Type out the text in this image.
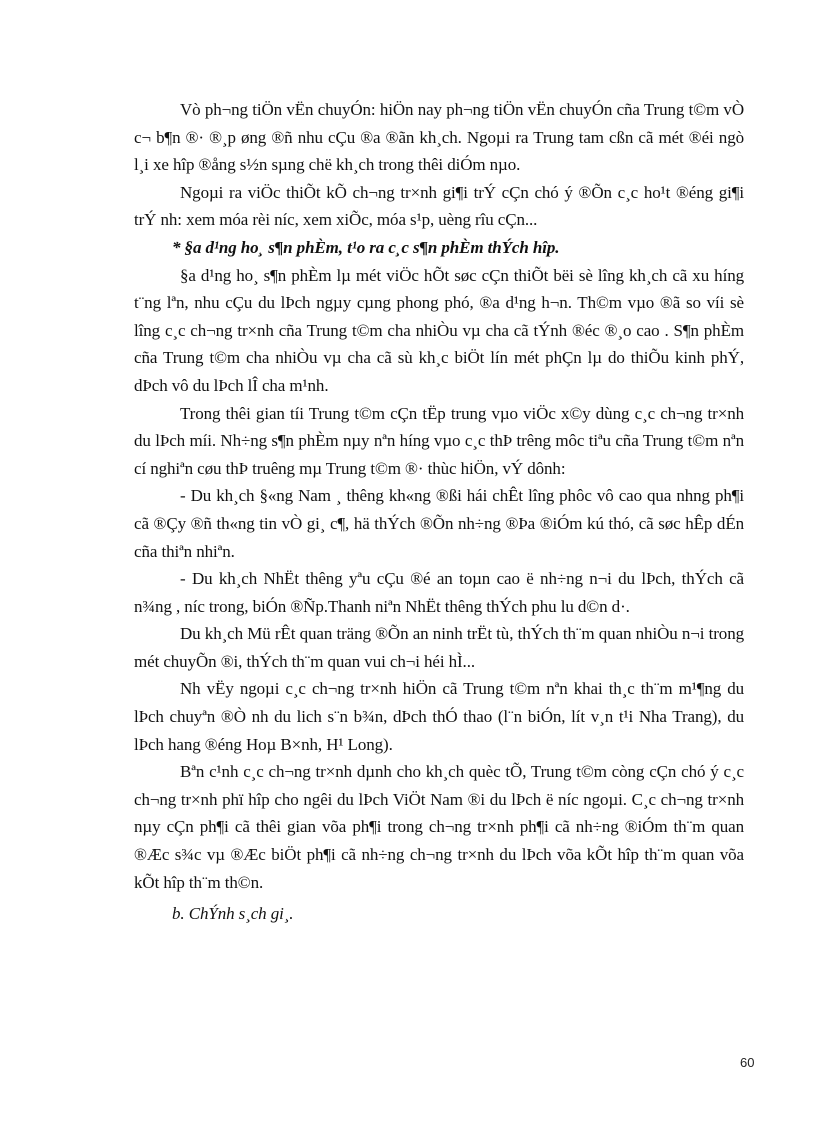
Vò ph¬ng tiÖn vËn chuyÓn: hiÖn nay ph¬ng tiÖn vËn chuyÓn cña Trung t©m vÒ c¬ b¶n ®· ®¸p øng ®ñ nhu cÇu ®a ®ãn kh¸ch. Ngoµi ra Trung tam cßn cã mét ®éi ngò l¸i xe hîp ®ång s½n sµng chë kh¸ch trong thêi diÓm nµo.

Ngoµi ra viÖc thiÕt kÕ ch¬ng tr×nh gi¶i trÝ cÇn chó ý ®Õn c¸c ho¹t ®éng gi¶i trÝ nh: xem móa rèi níc, xem xiÕc, móa s¹p, uèng rîu cÇn...

* §a d¹ng ho¸ s¶n phÈm, t¹o ra c¸c s¶n phÈm thÝch hîp.

§a d¹ng ho¸ s¶n phÈm lµ mét viÖc hÕt søc cÇn thiÕt bëi sè lîng kh¸ch cã xu híng t¨ng lªn, nhu cÇu du lÞch ngµy cµng phong phó, ®a d¹ng h¬n. Th©m vµo ®ã so víi sè lîng c¸c ch¬ng tr×nh cña Trung t©m cha nhiÒu vµ cha cã tÝnh ®éc ®¸o cao . S¶n phÈm cña Trung t©m cha nhiÒu vµ cha cã sù kh¸c biÖt lín mét phÇn lµ do thiÕu kinh phÝ, dÞch vô du lÞch lÎ cha m¹nh.

Trong thêi gian tíi Trung t©m cÇn tËp trung vµo viÖc x©y dùng c¸c ch¬ng tr×nh du lÞch míi. Nh÷ng s¶n phÈm nµy nªn híng vµo c¸c thÞ trêng môc tiªu cña Trung t©m nªn cí nghiªn cøu thÞ truêng mµ Trung t©m ®· thùc hiÖn, vÝ dônh:

- Du kh¸ch §«ng Nam ¸ thêng kh«ng ®ßi hái chÊt lîng phôc vô cao qua nhng ph¶i cã ®Çy ®ñ th«ng tin vÒ gi¸ c¶, hä thÝch ®Õn nh÷ng ®Þa ®iÓm kú thó, cã søc hÊp dÉn cña thiªn nhiªn.

- Du kh¸ch NhËt thêng yªu cÇu ®é an toµn cao ë nh÷ng n¬i du lÞch, thÝch cã n¾ng , níc trong, biÓn ®Ñp.Thanh niªn NhËt thêng thÝch phu lu d©n d·.

Du kh¸ch Mü rÊt quan träng ®Õn an ninh trËt tù, thÝch th¨m quan nhiÒu n¬i trong mét chuyÕn ®i, thÝch th¨m quan vui ch¬i héi hÌ...

Nh vËy ngoµi c¸c ch¬ng tr×nh hiÖn cã Trung t©m nªn khai th¸c th¨m m¹¶ng du lÞch chuyªn ®Ò nh du lich s¨n b¾n, dÞch thÓ thao (l¨n biÓn, lít v¸n t¹i Nha Trang), du lÞch hang ®éng Hoµ B×nh, H¹ Long).

Bªn c¹nh c¸c ch¬ng tr×nh dµnh cho kh¸ch quèc tÕ, Trung t©m còng cÇn chó ý c¸c ch¬ng tr×nh phï hîp cho ngêi du lÞch ViÖt Nam ®i du lÞch ë níc ngoµi. C¸c ch¬ng tr×nh nµy cÇn ph¶i cã thêi gian võa ph¶i trong ch¬ng tr×nh ph¶i cã nh÷ng ®iÓm th¨m quan ®Æc s¾c vµ ®Æc biÖt ph¶i cã nh÷ng ch¬ng tr×nh du lÞch võa kÕt hîp th¨m quan võa kÕt hîp th¨m th©n.

b. ChÝnh s¸ch gi¸.

60
